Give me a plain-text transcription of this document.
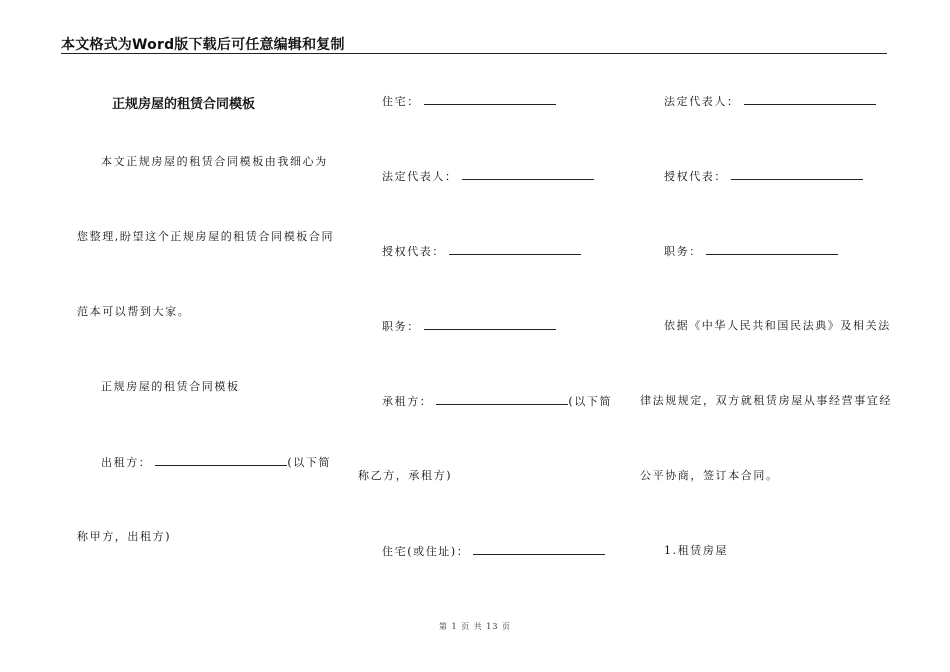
本文格式为Word版下载后可任意编辑和复制
正规房屋的租赁合同模板
本文正规房屋的租赁合同模板由我细心为
您整理,盼望这个正规房屋的租赁合同模板合同
范本可以帮到大家。
正规房屋的租赁合同模板
出租方：	(以下简
称甲方，出租方)
住宅：
法定代表人：
授权代表：
职务：
承租方：	(以下简
称乙方，承租方)
住宅(或住址)：
法定代表人：
授权代表：
职务：
依据《中华人民共和国民法典》及相关法
律法规规定，双方就租赁房屋从事经营事宜经
公平协商，签订本合同。
1.租赁房屋
第 1 页 共 13 页
